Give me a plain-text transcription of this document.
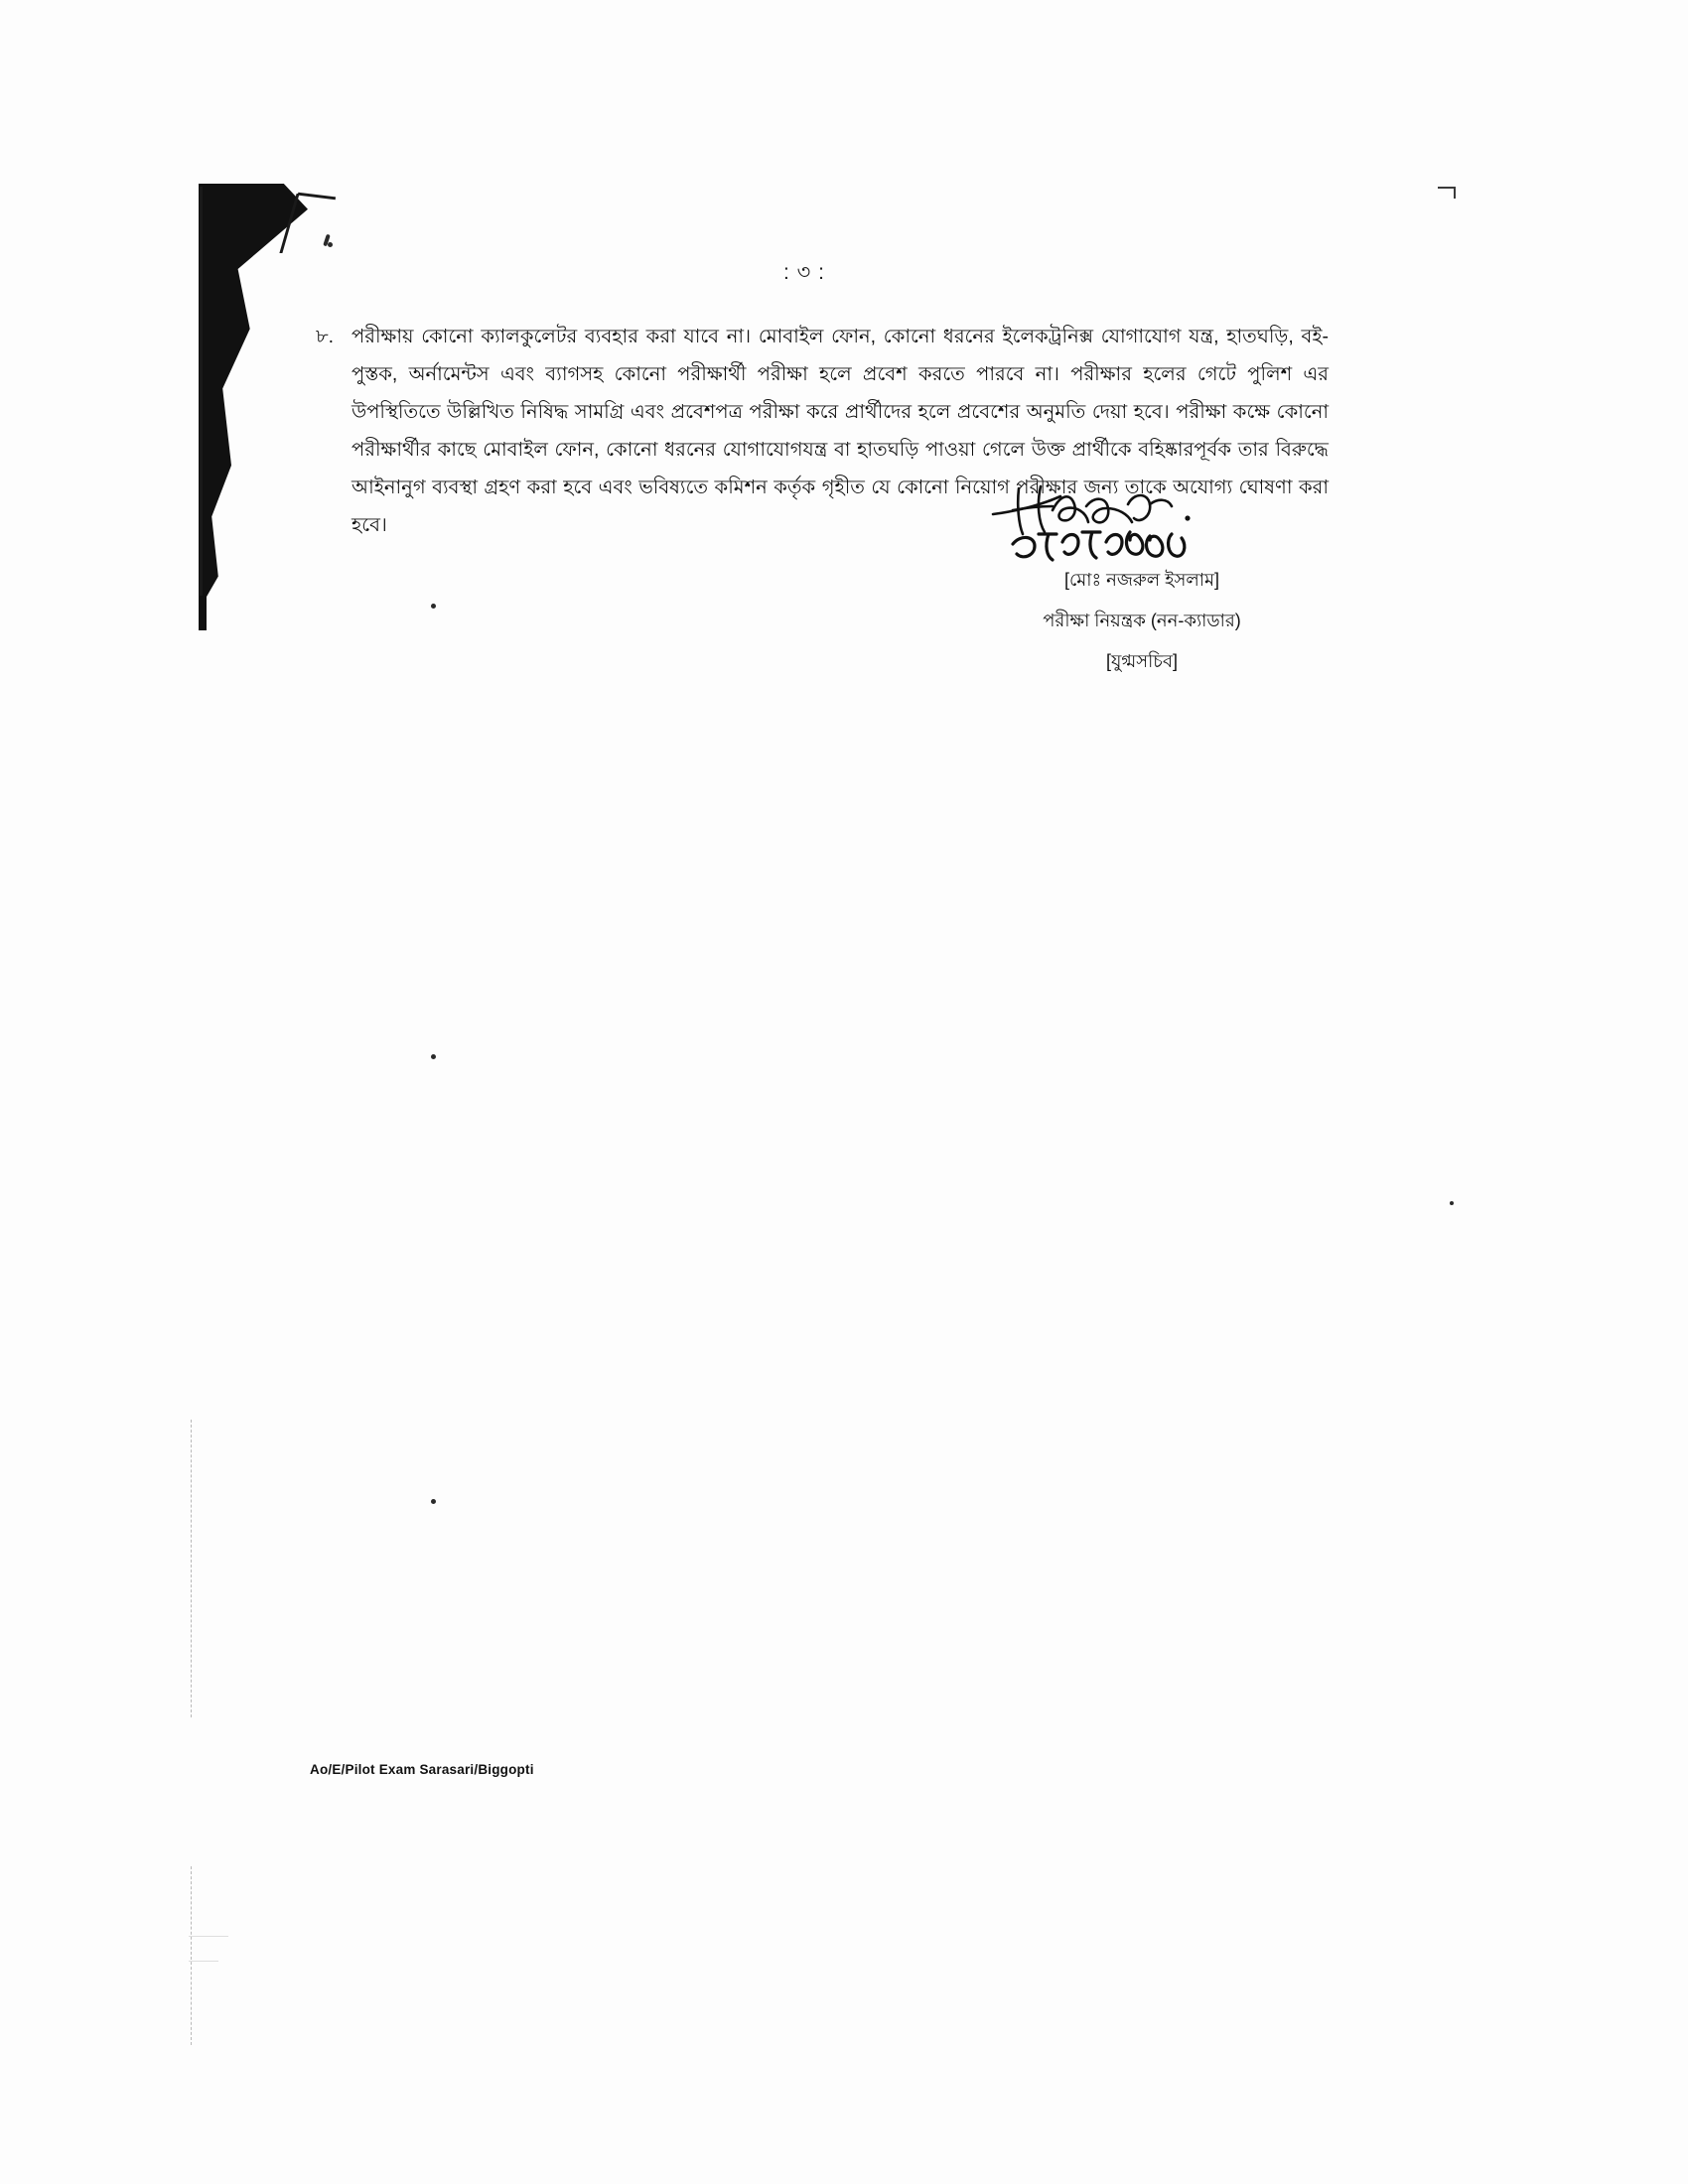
: ৩ :
৮. পরীক্ষায় কোনো ক্যালকুলেটর ব্যবহার করা যাবে না। মোবাইল ফোন, কোনো ধরনের ইলেকট্রনিক্স যোগাযোগ যন্ত্র, হাতঘড়ি, বই-পুস্তক, অর্নামেন্টস এবং ব্যাগসহ কোনো পরীক্ষার্থী পরীক্ষা হলে প্রবেশ করতে পারবে না। পরীক্ষার হলের গেটে পুলিশ এর উপস্থিতিতে উল্লিখিত নিষিদ্ধ সামগ্রি এবং প্রবেশপত্র পরীক্ষা করে প্রার্থীদের হলে প্রবেশের অনুমতি দেয়া হবে। পরীক্ষা কক্ষে কোনো পরীক্ষার্থীর কাছে মোবাইল ফোন, কোনো ধরনের যোগাযোগযন্ত্র বা হাতঘড়ি পাওয়া গেলে উক্ত প্রার্থীকে বহিষ্কারপূর্বক তার বিরুদ্ধে আইনানুগ ব্যবস্থা গ্রহণ করা হবে এবং ভবিষ্যতে কমিশন কর্তৃক গৃহীত যে কোনো নিয়োগ পরীক্ষার জন্য তাকে অযোগ্য ঘোষণা করা হবে।
[মোঃ নজরুল ইসলাম]
পরীক্ষা নিয়ন্ত্রক (নন-ক্যাডার)
[যুগ্মসচিব]
Ao/E/Pilot Exam Sarasari/Biggopti
